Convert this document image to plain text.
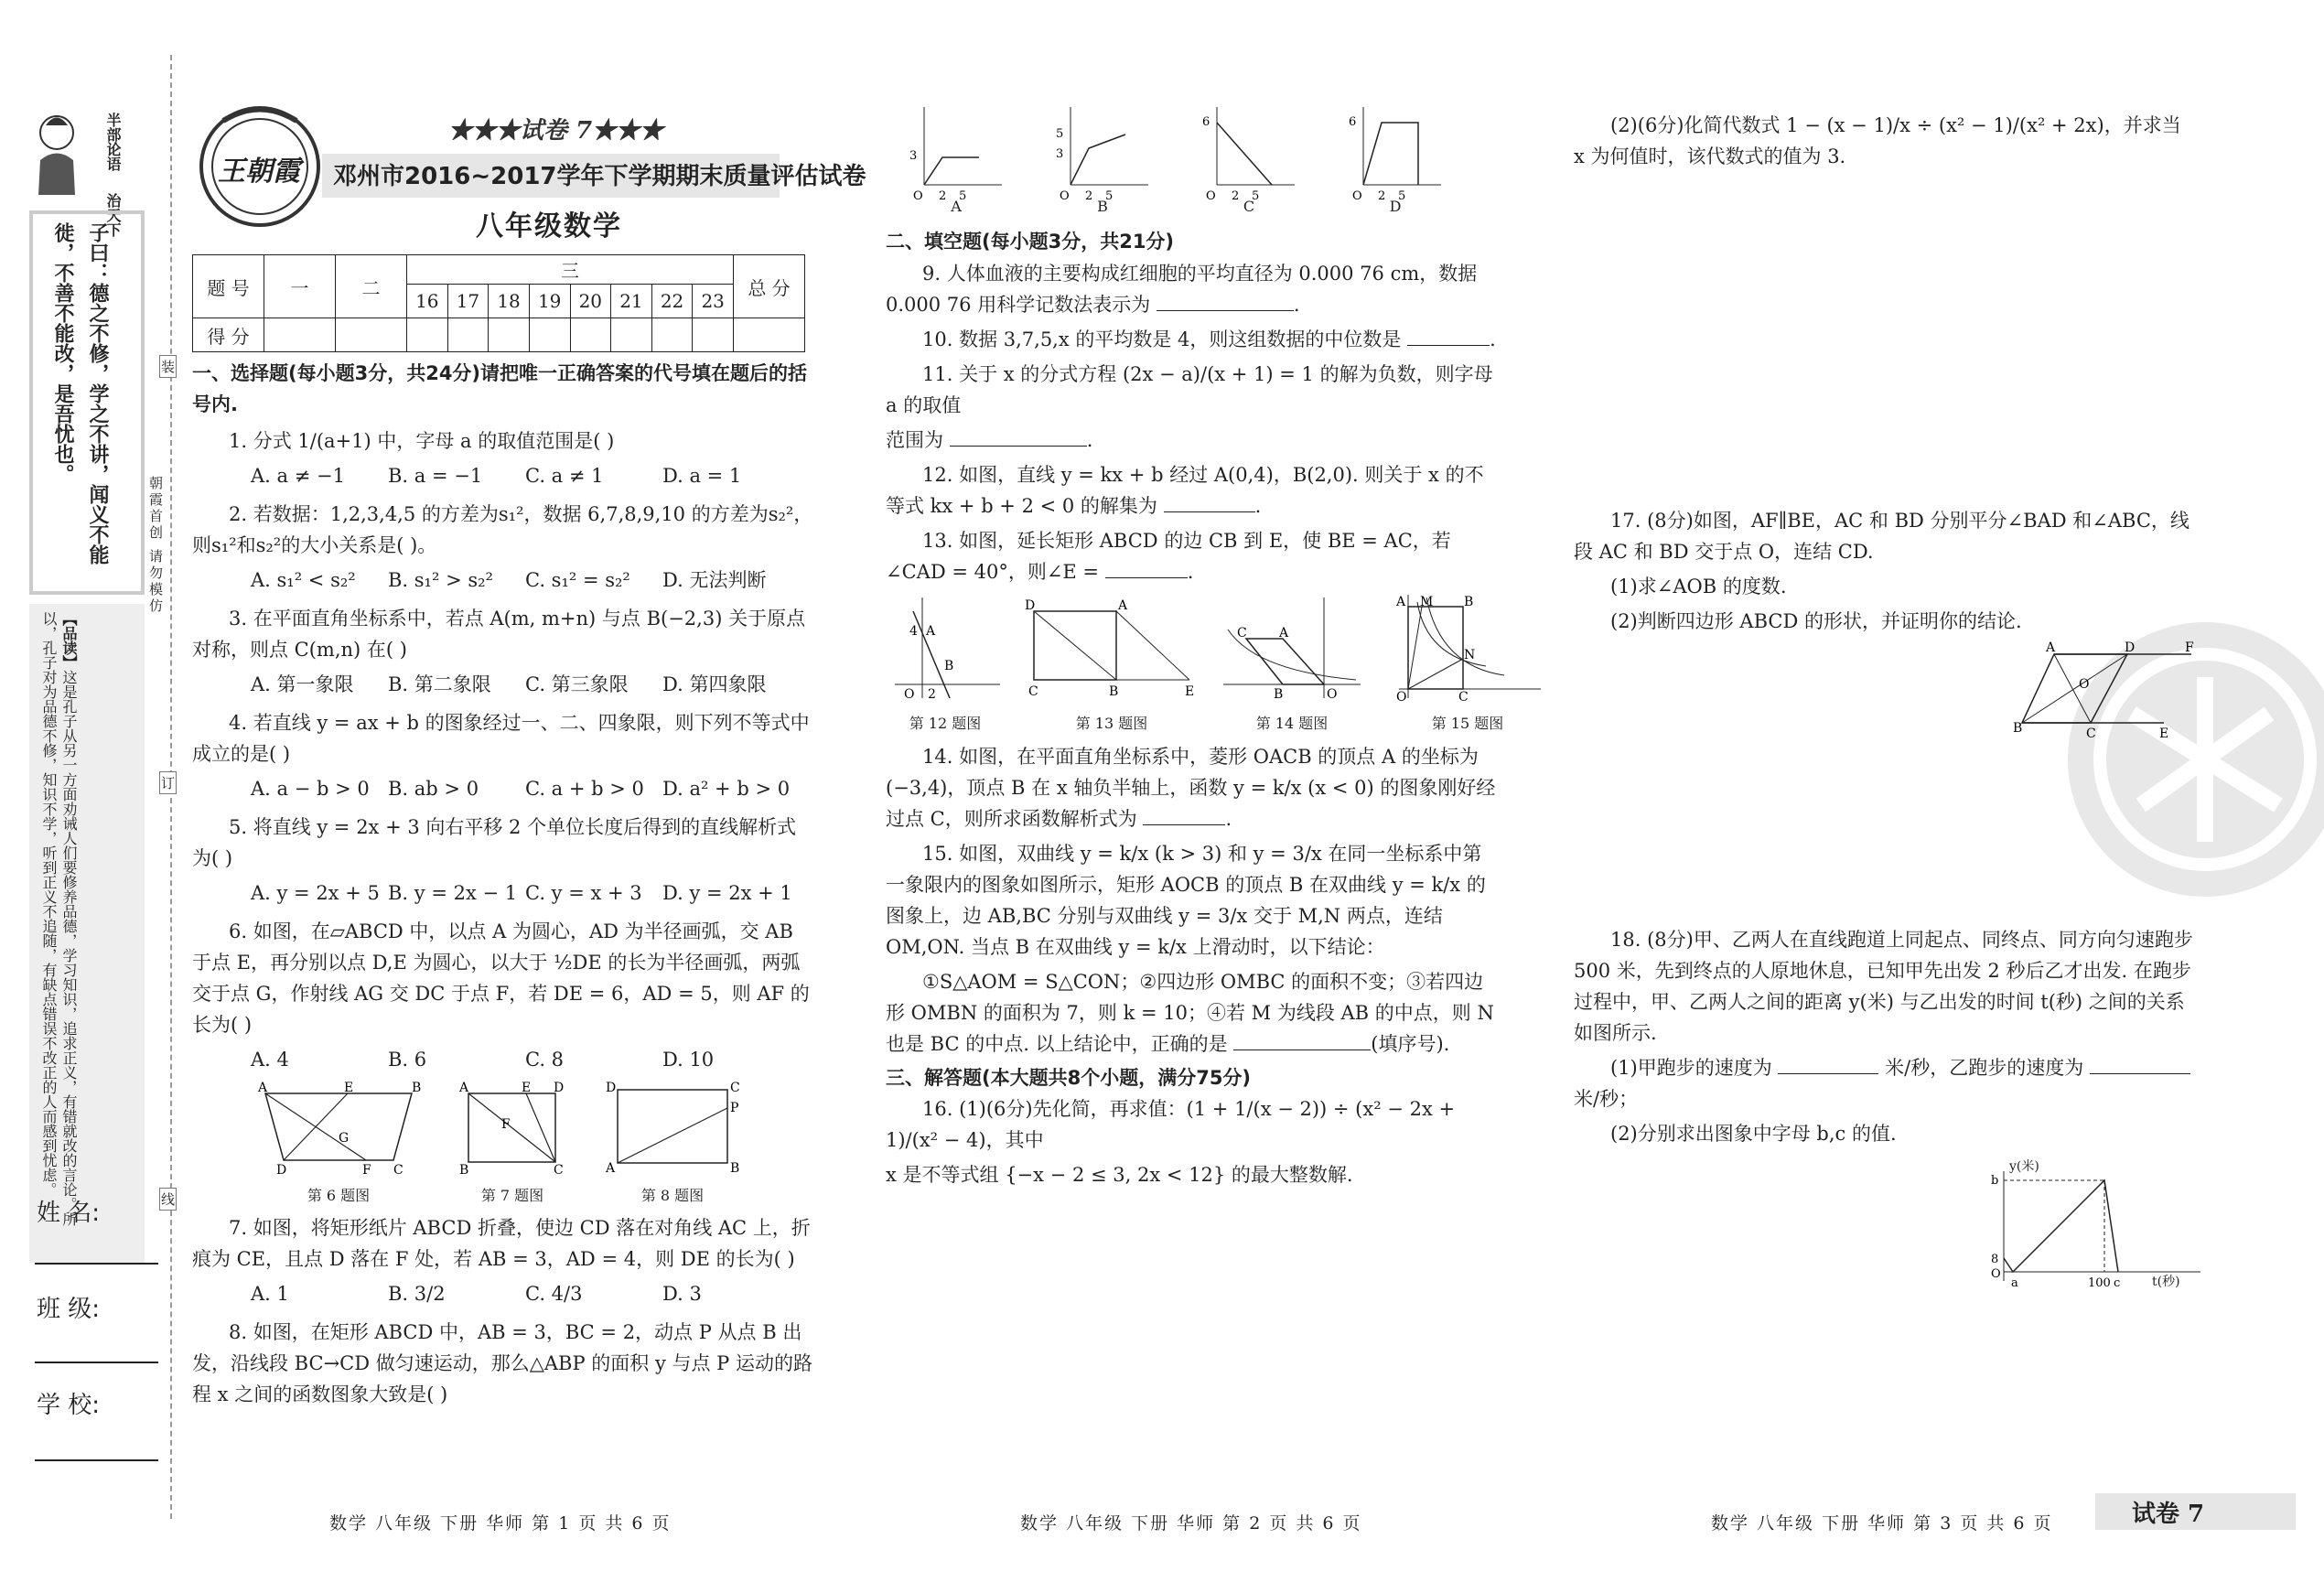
半部论语
治天下
子曰：德之不修，学之不讲，闻义不能徙，不善不能改，是吾忧也。
【品读】这是孔子从另一方面劝诫人们要修养品德，学习知识，追求正义，有错就改的言论。所以，孔子对为品德不修，知识不学，听到正义不追随，有缺点错误不改正的人而感到忧虑。
姓 名:
班 级:
学 校:
装
订
线
朝霞首创 请勿模仿
王朝霞
★★★试卷 7★★★
邓州市2016~2017学年下学期期末质量评估试卷
八年级数学
题 号	一	二	三								总 分
			16	17	18	19	20	21	22	23	
得 分											
一、选择题(每小题3分，共24分)请把唯一正确答案的代号填在题后的括号内.

1. 分式 1/(a+1) 中，字母 a 的取值范围是( )

A. a ≠ −1	B. a = −1	C. a ≠ 1	D. a = 1

2. 若数据：1,2,3,4,5 的方差为s₁²，数据 6,7,8,9,10 的方差为s₂²，则s₁²和s₂²的大小关系是( )。

A. s₁² < s₂²	B. s₁² > s₂²	C. s₁² = s₂²	D. 无法判断

3. 在平面直角坐标系中，若点 A(m, m+n) 与点 B(−2,3) 关于原点对称，则点 C(m,n) 在( )

A. 第一象限	B. 第二象限	C. 第三象限	D. 第四象限

4. 若直线 y = ax + b 的图象经过一、二、四象限，则下列不等式中成立的是( )

A. a − b > 0 B. ab > 0	C. a + b > 0 D. a² + b > 0

5. 将直线 y = 2x + 3 向右平移 2 个单位长度后得到的直线解析式为( )

A. y = 2x + 5 B. y = 2x − 1 C. y = x + 3	D. y = 2x + 1

6. 如图，在▱ABCD 中，以点 A 为圆心，AD 为半径画弧，交 AB 于点 E，再分别以点 D,E 为圆心，以大于 ½DE 的长为半径画弧，两弧交于点 G，作射线 AG 交 DC 于点 F，若 DE = 6，AD = 5，则 AF 的长为( )

A. 4	B. 6	C. 8	D. 10
A	E	B
D	F C
G
第 6 题图
A	E D
B	C
F
第 7 题图
D	C
P
A	B
第 8 题图

7. 如图，将矩形纸片 ABCD 折叠，使边 CD 落在对角线 AC 上，折痕为 CE，且点 D 落在 F 处，若 AB = 3，AD = 4，则 DE 的长为( )

A. 1	B. 3/2	C. 4/3	D. 3

8. 如图，在矩形 ABCD 中，AB = 3，BC = 2，动点 P 从点 B 出发，沿线段 BC→CD 做匀速运动，那么△ABP 的面积 y 与点 P 运动的路程 x 之间的函数图象大致是( )

3
O 2 5
A
5
3
O 2 5
B
6
O 2 5
C
6
O 2 5
D
二、填空题(每小题3分，共21分)

9. 人体血液的主要构成红细胞的平均直径为 0.000 76 cm，数据 0.000 76 用科学记数法表示为	.

10. 数据 3,7,5,x 的平均数是 4，则这组数据的中位数是	.

11. 关于 x 的分式方程 (2x − a)/(x + 1) = 1 的解为负数，则字母 a 的取值

范围为	.

12. 如图，直线 y = kx + b 经过 A(0,4)，B(2,0). 则关于 x 的不等式 kx + b + 2 < 0 的解集为	.

13. 如图，延长矩形 ABCD 的边 CB 到 E，使 BE = AC，若∠CAD = 40°，则∠E =	.

4 A
B
O 2
第 12 题图
D	A
C	B	E
第 13 题图
C	A
B	O
第 14 题图
A M B
N
O	C
第 15 题图

14. 如图，在平面直角坐标系中，菱形 OACB 的顶点 A 的坐标为(−3,4)，顶点 B 在 x 轴负半轴上，函数 y = k/x (x < 0) 的图象刚好经过点 C，则所求函数解析式为	.

15. 如图，双曲线 y = k/x (k > 3) 和 y = 3/x 在同一坐标系中第一象限内的图象如图所示，矩形 AOCB 的顶点 B 在双曲线 y = k/x 的图象上，边 AB,BC 分别与双曲线 y = 3/x 交于 M,N 两点，连结 OM,ON. 当点 B 在双曲线 y = k/x 上滑动时，以下结论：

①S△AOM = S△CON；②四边形 OMBC 的面积不变；③若四边形 OMBN 的面积为 7，则 k = 10；④若 M 为线段 AB 的中点，则 N 也是 BC 的中点. 以上结论中，正确的是	(填序号).

三、解答题(本大题共8个小题，满分75分)

16. (1)(6分)先化简，再求值：(1 + 1/(x − 2)) ÷ (x² − 2x + 1)/(x² − 4)，其中

x 是不等式组 {−x − 2 ≤ 3, 2x < 12} 的最大整数解.

(2)(6分)化简代数式 1 − (x − 1)/x ÷ (x² − 1)/(x² + 2x)，并求当 x 为何值时，该代数式的值为 3.

17. (8分)如图，AF∥BE，AC 和 BD 分别平分∠BAD 和∠ABC，线段 AC 和 BD 交于点 O，连结 CD.

(1)求∠AOB 的度数.

(2)判断四边形 ABCD 的形状，并证明你的结论.

A	D	F
B	C	E
O

18. (8分)甲、乙两人在直线跑道上同起点、同终点、同方向匀速跑步 500 米，先到终点的人原地休息，已知甲先出发 2 秒后乙才出发. 在跑步过程中，甲、乙两人之间的距离 y(米) 与乙出发的时间 t(秒) 之间的关系如图所示.

(1)甲跑步的速度为	米/秒，乙跑步的速度为  米/秒；

(2)分别求出图象中字母 b,c 的值.

b
8
O
a	100 c
y(米)
t(秒)
数学 八年级 下册 华师 第 1 页 共 6 页	数学 八年级 下册 华师 第 2 页 共 6 页	数学 八年级 下册 华师 第 3 页 共 6 页	试卷 7
